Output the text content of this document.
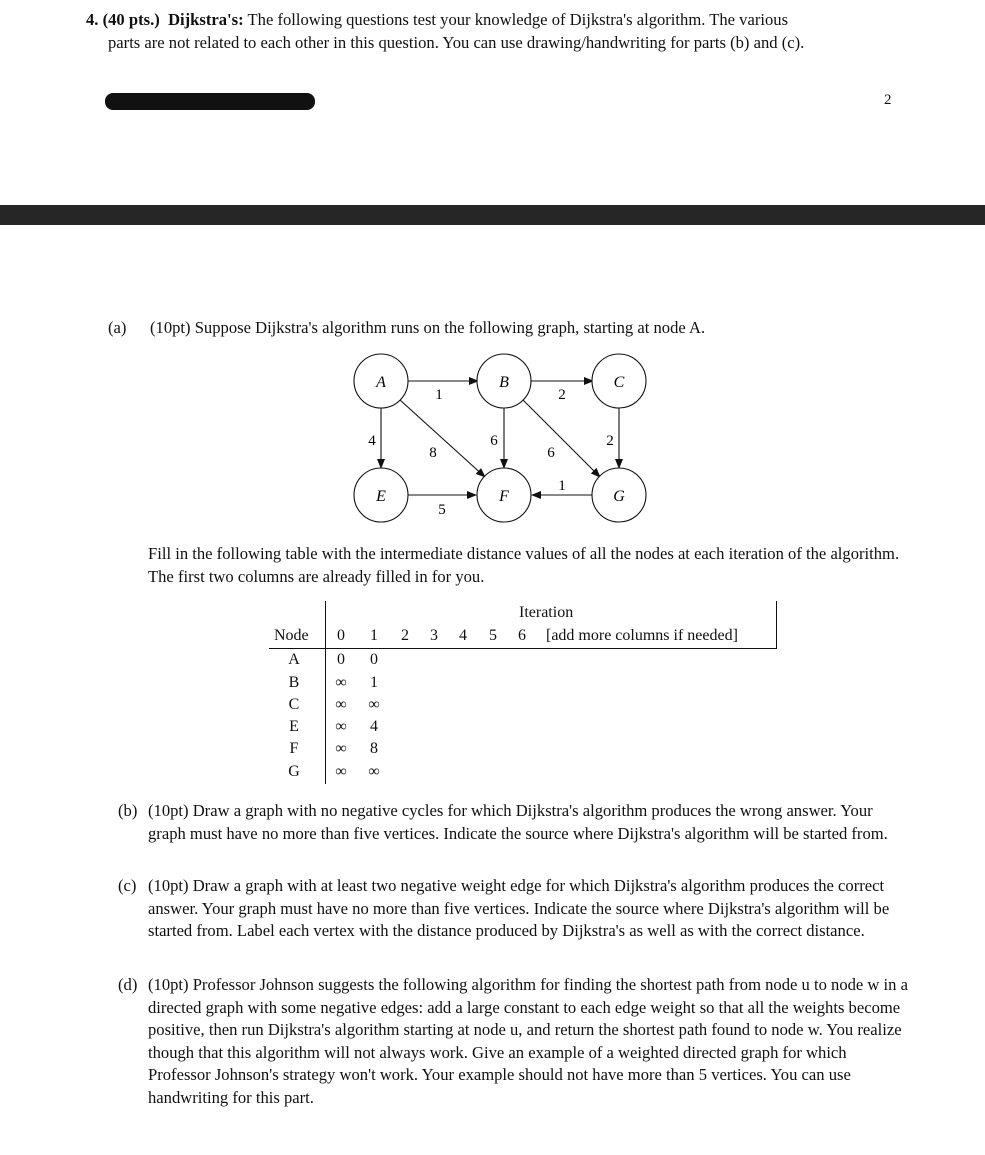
4. (40 pts.) Dijkstra's: The following questions test your knowledge of Dijkstra's algorithm. The various
parts are not related to each other in this question. You can use drawing/handwriting for parts (b) and (c).
2
(a) (10pt) Suppose Dijkstra's algorithm runs on the following graph, starting at node A.
1	2
4
8
6
6
2
5
1
A	B	C
E	F	G
Fill in the following table with the intermediate distance values of all the nodes at each iteration of the algorithm. The first two columns are already filled in for you.
Iteration
Node	0	1	2	3	4	5	6	[add more columns if needed]
A	0	0
B	∞	1
C	∞	∞
E	∞	4
F	∞	8
G	∞	∞
(b) (10pt) Draw a graph with no negative cycles for which Dijkstra's algorithm produces the wrong answer. Your graph must have no more than five vertices. Indicate the source where Dijkstra's algorithm will be started from.
(c) (10pt) Draw a graph with at least two negative weight edge for which Dijkstra's algorithm produces the correct answer. Your graph must have no more than five vertices. Indicate the source where Dijkstra's algorithm will be started from. Label each vertex with the distance produced by Dijkstra's as well as with the correct distance.
(d) (10pt) Professor Johnson suggests the following algorithm for finding the shortest path from node u to node w in a directed graph with some negative edges: add a large constant to each edge weight so that all the weights become positive, then run Dijkstra's algorithm starting at node u, and return the shortest path found to node w. You realize though that this algorithm will not always work. Give an example of a weighted directed graph for which Professor Johnson's strategy won't work. Your example should not have more than 5 vertices. You can use handwriting for this part.
